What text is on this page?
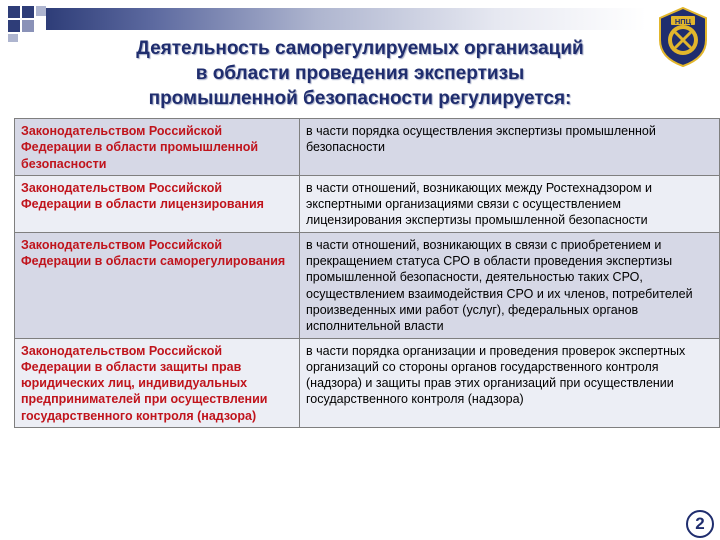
НПЦ
Деятельность саморегулируемых организаций
в области проведения экспертизы
промышленной безопасности регулируется:
Законодательством Российской Федерации в области промышленной безопасности	в части порядка осуществления экспертизы промышленной безопасности
Законодательством Российской Федерации в области лицензирования	в части отношений, возникающих между Ростехнадзором и экспертными организациями связи с осуществлением лицензирования экспертизы промышленной безопасности
Законодательством Российской Федерации в области саморегулирования	в части отношений, возникающих в связи с приобретением и прекращением статуса СРО в области проведения экспертизы промышленной безопасности, деятельностью таких СРО, осуществлением взаимодействия СРО и их членов, потребителей произведенных ими работ (услуг), федеральных органов исполнительной власти
Законодательством Российской Федерации в области защиты прав юридических лиц, индивидуальных предпринимателей при осуществлении государственного контроля (надзора)	в части порядка организации и проведения проверок экспертных организаций со стороны органов государственного контроля (надзора) и защиты прав этих организаций при осуществлении государственного контроля (надзора)
2
